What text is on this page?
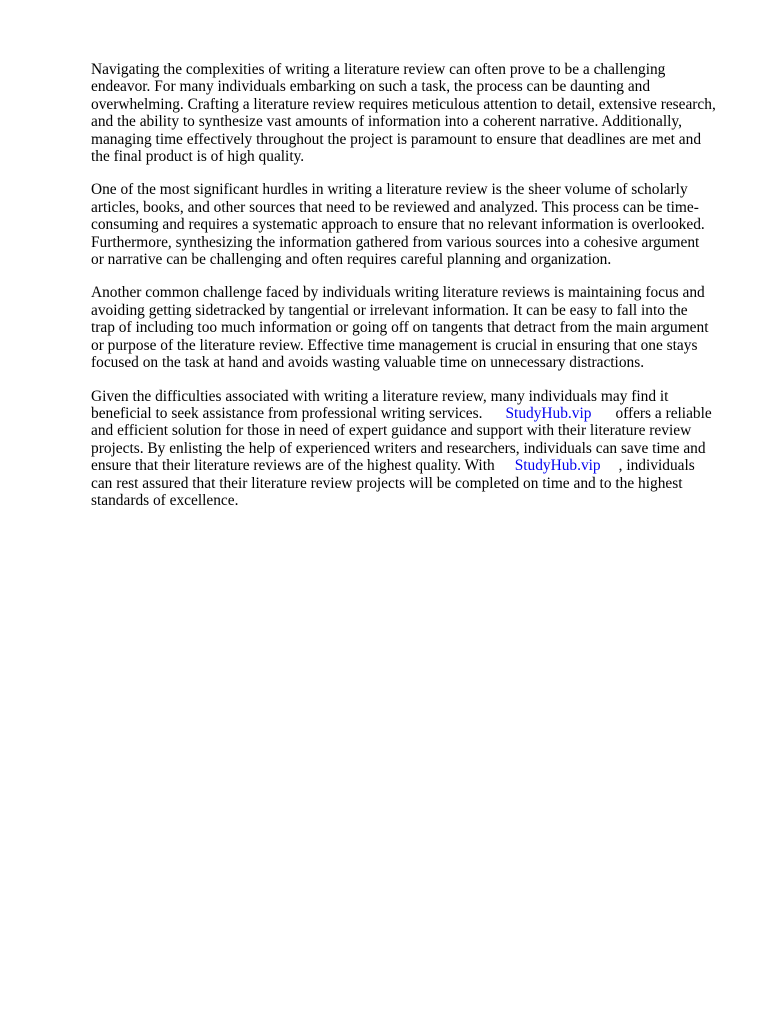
Navigating the complexities of writing a literature review can often prove to be a challenging
endeavor. For many individuals embarking on such a task, the process can be daunting and
overwhelming. Crafting a literature review requires meticulous attention to detail, extensive research,
and the ability to synthesize vast amounts of information into a coherent narrative. Additionally,
managing time effectively throughout the project is paramount to ensure that deadlines are met and
the final product is of high quality.

One of the most significant hurdles in writing a literature review is the sheer volume of scholarly
articles, books, and other sources that need to be reviewed and analyzed. This process can be time-
consuming and requires a systematic approach to ensure that no relevant information is overlooked.
Furthermore, synthesizing the information gathered from various sources into a cohesive argument
or narrative can be challenging and often requires careful planning and organization.

Another common challenge faced by individuals writing literature reviews is maintaining focus and
avoiding getting sidetracked by tangential or irrelevant information. It can be easy to fall into the
trap of including too much information or going off on tangents that detract from the main argument
or purpose of the literature review. Effective time management is crucial in ensuring that one stays
focused on the task at hand and avoids wasting valuable time on unnecessary distractions.

Given the difficulties associated with writing a literature review, many individuals may find it
beneficial to seek assistance from professional writing services. StudyHub.vip offers a reliable
and efficient solution for those in need of expert guidance and support with their literature review
projects. By enlisting the help of experienced writers and researchers, individuals can save time and
ensure that their literature reviews are of the highest quality. With StudyHub.vip , individuals
can rest assured that their literature review projects will be completed on time and to the highest
standards of excellence.
